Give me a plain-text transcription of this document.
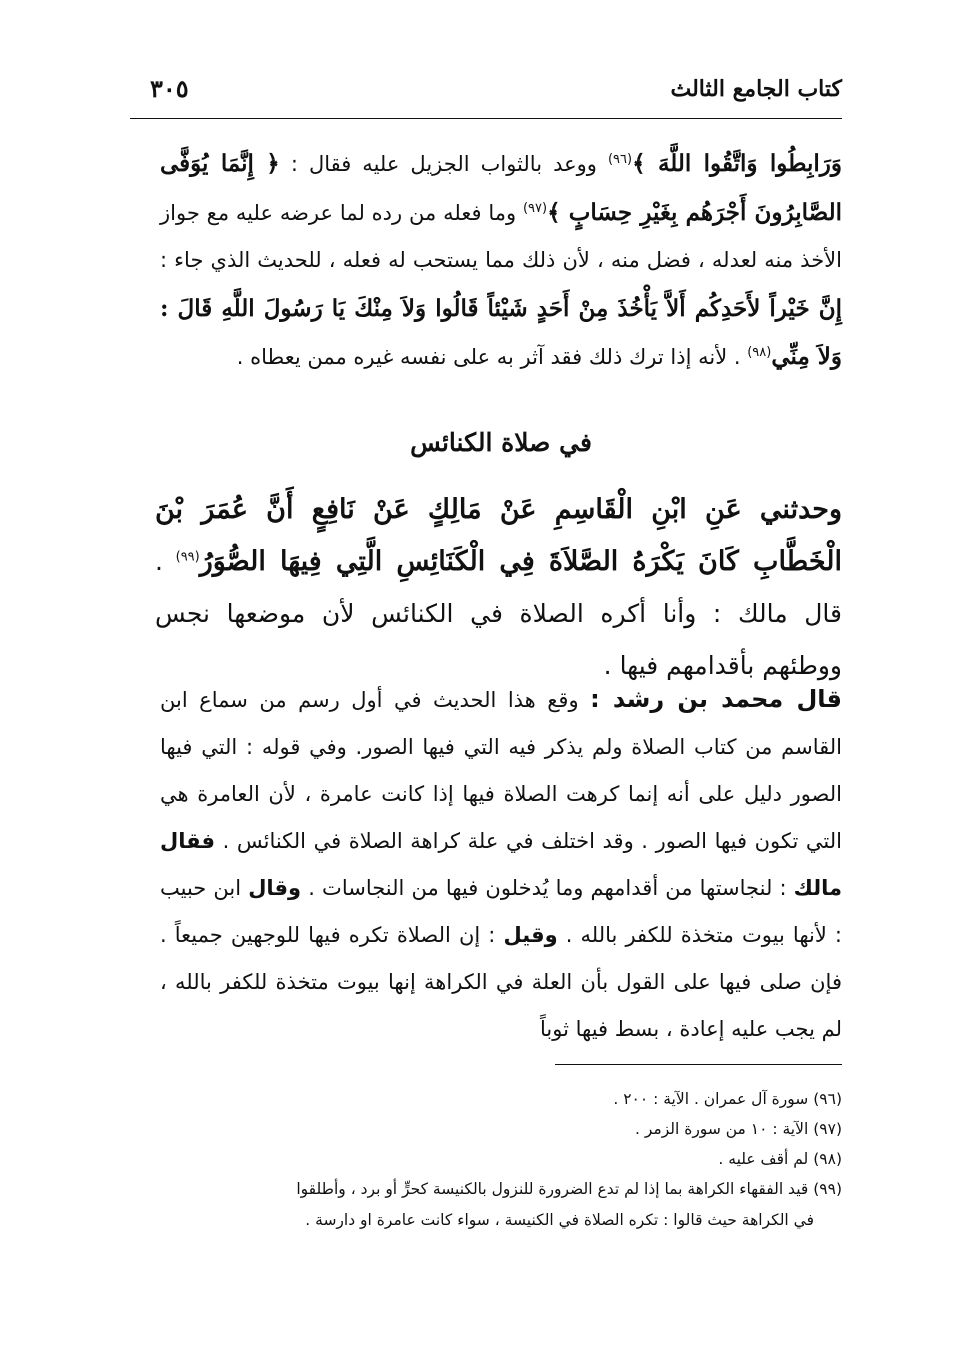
كتاب الجامع الثالث
٣٠٥
وَرَابِطُوا وَاتَّقُوا اللَّهَ ﴾$^{(٩٦)}$ ووعد بالثواب الجزيل عليه فقال : ﴿ إِنَّمَا يُوَفَّى الصَّابِرُونَ أَجْرَهُم بِغَيْرِ حِسَابٍ ﴾$^{(٩٧)}$ وما فعله من رده لما عرضه عليه مع جواز الأخذ منه لعدله ، فضل منه ، لأن ذلك مما يستحب له فعله ، للحديث الذي جاء : إِنَّ خَيْراً لأَحَدِكُم أَلاَّ يَأْخُذَ مِنْ أَحَدٍ شَيْئاً قَالُوا وَلاَ مِنْكَ يَا رَسُولَ اللَّهِ قَالَ : وَلاَ مِنِّي$^{(٩٨)}$ . لأنه إذا ترك ذلك فقد آثر به على نفسه غيره ممن يعطاه .
في صلاة الكنائس
وحدثني عَنِ ابْنِ الْقَاسِمِ عَنْ مَالِكٍ عَنْ نَافِعٍ أَنَّ عُمَرَ بْنَ الْخَطَّابِ كَانَ يَكْرَهُ الصَّلاَةَ فِي الْكَنَائِسِ الَّتِي فِيهَا الصُّوَرُ$^{(٩٩)}$ . قال مالك : وأنا أكره الصلاة في الكنائس لأن موضعها نجس ووطئهم بأقدامهم فيها .
قال محمد بن رشد : وقع هذا الحديث في أول رسم من سماع ابن القاسم من كتاب الصلاة ولم يذكر فيه التي فيها الصور. وفي قوله : التي فيها الصور دليل على أنه إنما كرهت الصلاة فيها إذا كانت عامرة ، لأن العامرة هي التي تكون فيها الصور . وقد اختلف في علة كراهة الصلاة في الكنائس . فقال مالك : لنجاستها من أقدامهم وما يُدخلون فيها من النجاسات . وقال ابن حبيب : لأنها بيوت متخذة للكفر بالله . وقيل : إن الصلاة تكره فيها للوجهين جميعاً . فإن صلى فيها على القول بأن العلة في الكراهة إنها بيوت متخذة للكفر بالله ، لم يجب عليه إعادة ، بسط فيها ثوباً
(٩٦) سورة آل عمران . الآية : ٢٠٠ .
(٩٧) الآية : ١٠ من سورة الزمر .
(٩٨) لم أقف عليه .
(٩٩) قيد الفقهاء الكراهة بما إذا لم تدع الضرورة للنزول بالكنيسة كحرٍّ أو برد ، وأطلقوا
في الكراهة حيث قالوا : تكره الصلاة في الكنيسة ، سواء كانت عامرة او دارسة .
